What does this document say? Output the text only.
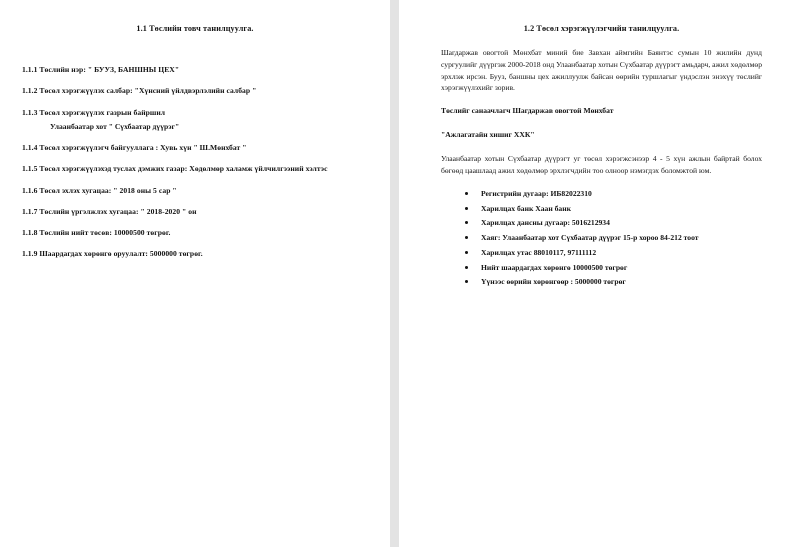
1.1 Төслийн товч танилцуулга.

1.1.1 Төслийн нэр: " БУУЗ, БАНШНЫ ЦЕХ"

1.1.2 Төсөл хэрэгжүүлэх салбар: "Хүнсний үйлдвэрлэлийн салбар "

1.1.3 Төсөл хэрэгжүүлэх газрын байршил

Улаанбаатар хот " Сүхбаатар дүүрэг"

1.1.4 Төсөл хэрэгжүүлэгч байгууллага : Хувь хүн " Ш.Мөнхбат "

1.1.5 Төсөл хэрэгжүүлэхэд туслах дэмжих газар: Хөдөлмөр халамж үйлчилгээний хэлтэс

1.1.6 Төсөл эхлэх хугацаа: " 2018 оны 5 сар "

1.1.7 Төслийн үргэлжлэх хугацаа: " 2018-2020 " он

1.1.8 Төслийн нийт төсөв: 10000500 төгрөг.

1.1.9 Шаардагдах хөрөнгө оруулалт: 5000000 төгрөг.

1.2 Төсөл хэрэгжүүлэгчийн танилцуулга.

Шагдаржав овогтой Мөнхбат миний бие Завхан аймгийн Баянтэс сумын 10 жилийн дунд сургуулийг дүүргэж 2000-2018 онд Улаанбаатар хотын Сүхбаатар дүүрэгт амьдарч, ажил хөдөлмөр эрхлэж ирсэн. Бууз, баншны цех ажиллуулж байсан өөрийн туршлагыг үндэслэн энэхүү төслийг хэрэгжүүлэхийг зорив.

Төслийг санаачлагч Шагдаржав овогтой Мөнхбат

"Ажлагатайн хишиг ХХК"

Улаанбаатар хотын Сүхбаатар дүүрэгт уг төсөл хэрэгжсэнээр 4 - 5 хүн ажлын байртай болох бөгөөд цаашлаад ажил хөдөлмөр эрхлэгчдийн тоо олноор нэмэгдэх боломжтой юм.

Регистрийн дугаар: ИБ82022310
Харилцах банк Хаан банк
Харилцах дансны дугаар: 5016212934
Хаяг: Улаанбаатар хот Сүхбаатар дүүрэг 15-р хороо 84-212 тоот
Харилцах утас 88010117, 97111112
Нийт шаардагдах хөрөнгө 10000500 төгрөг
Үүнээс өөрийн хөрөнгөөр : 5000000 төгрөг
